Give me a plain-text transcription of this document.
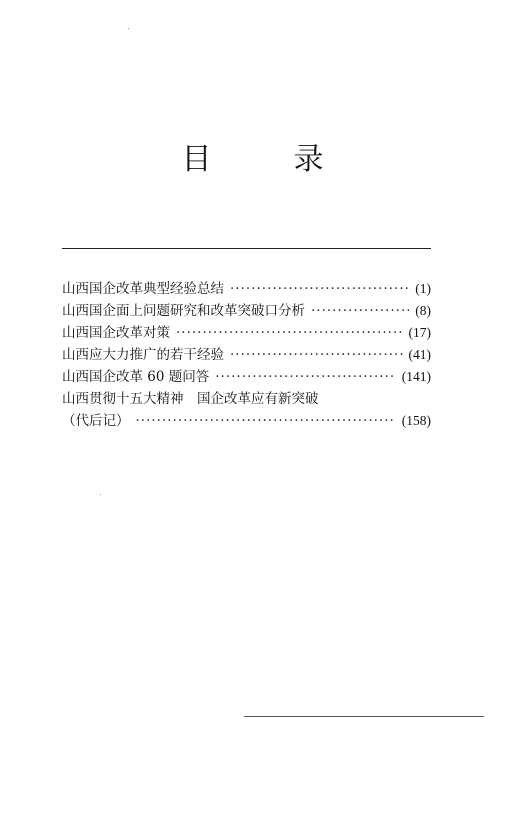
目　录
山西国企改革典型经验总结 ·····	(1)
山西国企面上问题研究和改革突破口分析 ·····	(8)
山西国企改革对策 ·····	(17)
山西应大力推广的若干经验 ·····	(41)
山西国企改革 60 题问答 ·····	(141)
山西贯彻十五大精神　国企改革应有新突破
（代后记） ·····	(158)
